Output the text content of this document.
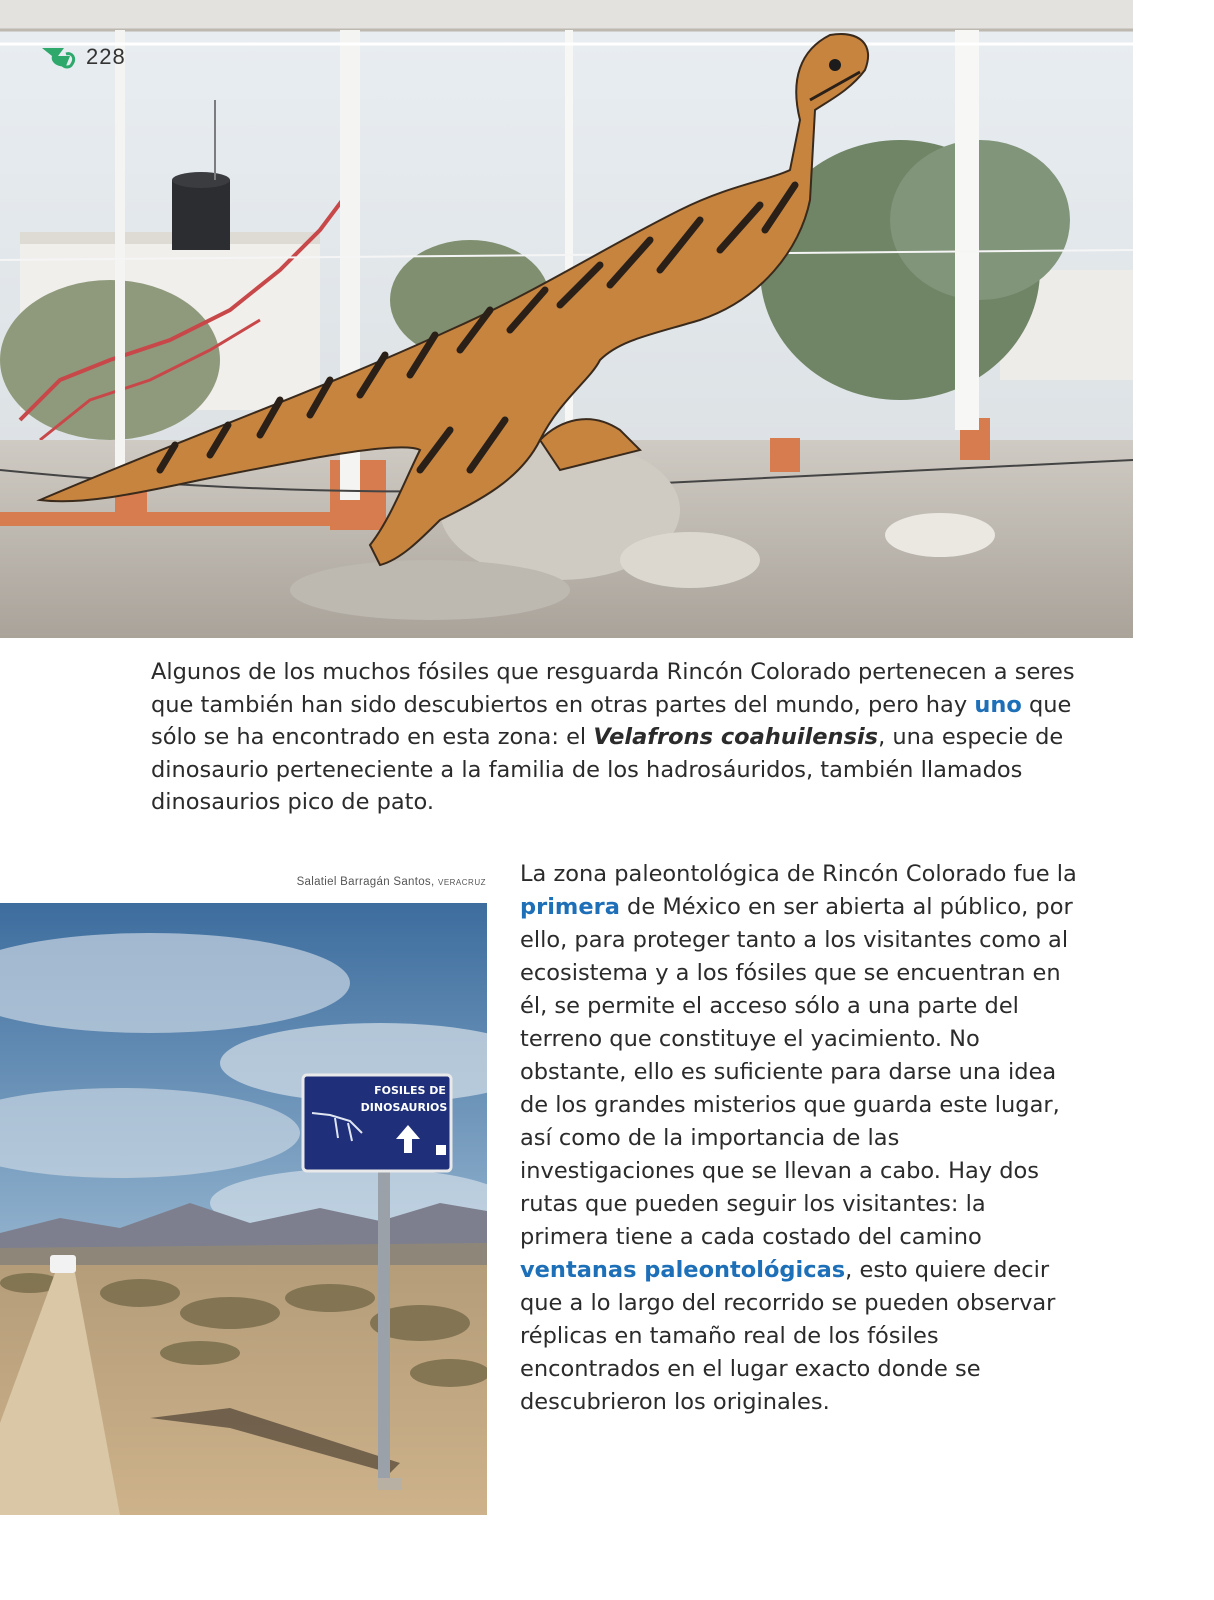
228

Algunos de los muchos fósiles que resguarda Rincón Colorado pertenecen a seres que también han sido descubiertos en otras partes del mundo, pero hay uno que sólo se ha encontrado en esta zona: el Velafrons coahuilensis, una especie de dinosaurio perteneciente a la familia de los hadrosáuridos, también llamados dinosaurios pico de pato.

Salatiel Barragán Santos, VERACRUZ
FOSILES DE
DINOSAURIOS

La zona paleontológica de Rincón Colorado fue la primera de México en ser abierta al público, por ello, para proteger tanto a los visitantes como al ecosistema y a los fósiles que se encuentran en él, se permite el acceso sólo a una parte del terreno que constituye el yacimiento. No obstante, ello es suficiente para darse una idea de los grandes misterios que guarda este lugar, así como de la importancia de las investigaciones que se llevan a cabo. Hay dos rutas que pueden seguir los visitantes: la primera tiene a cada costado del camino ventanas paleontológicas, esto quiere decir que a lo largo del recorrido se pueden observar réplicas en tamaño real de los fósiles encontrados en el lugar exacto donde se descubrieron los originales.
